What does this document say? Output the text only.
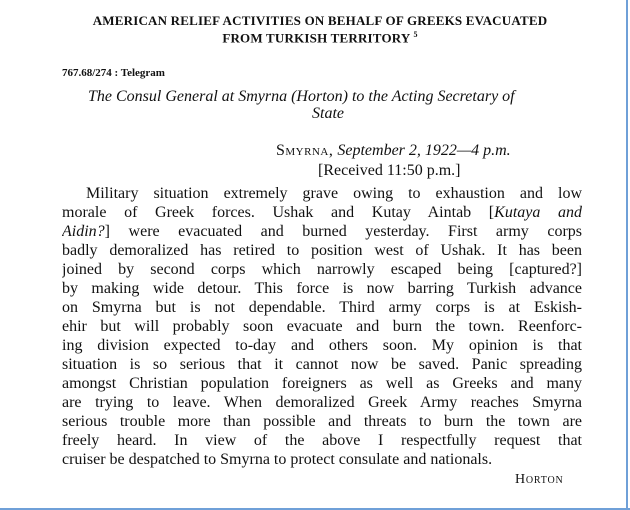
AMERICAN RELIEF ACTIVITIES ON BEHALF OF GREEKS EVACUATED
FROM TURKISH TERRITORY $^5$
767.68/274 : Telegram
The Consul General at Smyrna (Horton) to the Acting Secretary of
State
Smyrna, September 2, 1922—4 p.m.
[Received 11:50 p.m.]
Military situation extremely grave owing to exhaustion and low
morale of Greek forces. Ushak and Kutay Aintab [Kutaya and
Aidin?] were evacuated and burned yesterday. First army corps
badly demoralized has retired to position west of Ushak. It has been
joined by second corps which narrowly escaped being [captured?]
by making wide detour. This force is now barring Turkish advance
on Smyrna but is not dependable. Third army corps is at Eskish-
ehir but will probably soon evacuate and burn the town. Reenforc-
ing division expected to-day and others soon. My opinion is that
situation is so serious that it cannot now be saved. Panic spreading
amongst Christian population foreigners as well as Greeks and many
are trying to leave. When demoralized Greek Army reaches Smyrna
serious trouble more than possible and threats to burn the town are
freely heard. In view of the above I respectfully request that
cruiser be despatched to Smyrna to protect consulate and nationals.
Horton
